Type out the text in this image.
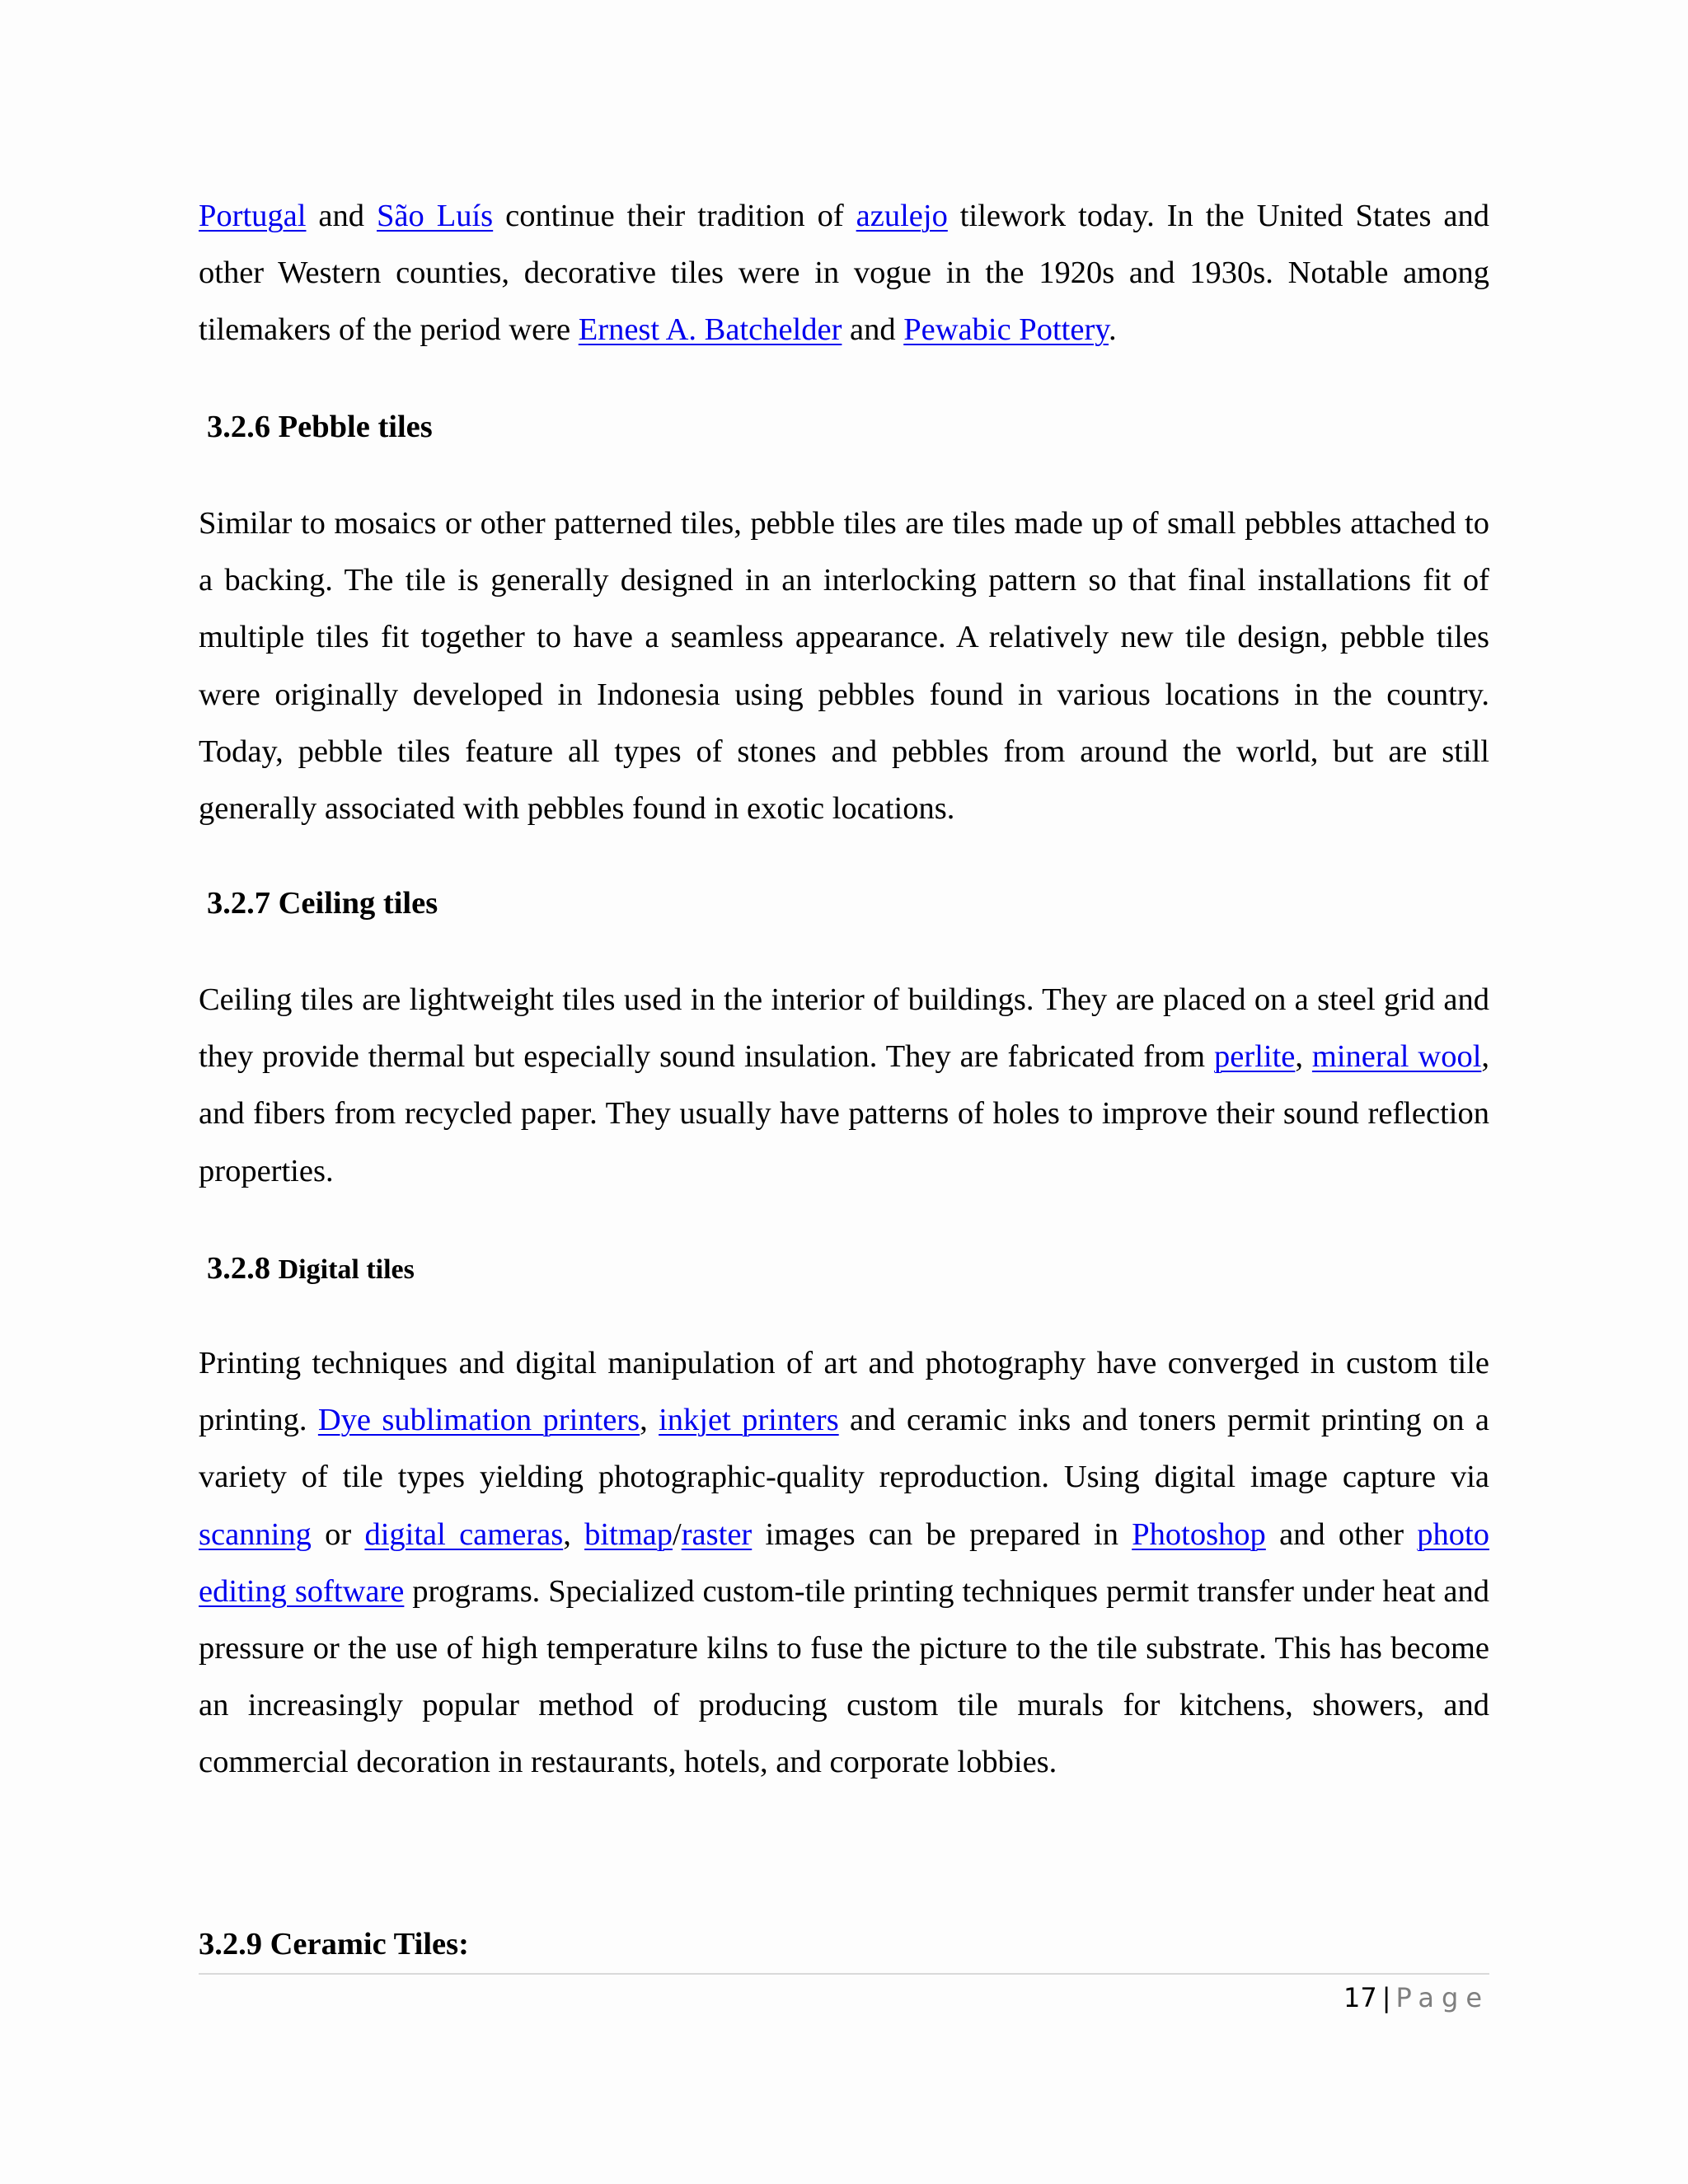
Portugal and São Luís continue their tradition of azulejo tilework today. In the United States and other Western counties, decorative tiles were in vogue in the 1920s and 1930s. Notable among tilemakers of the period were Ernest A. Batchelder and Pewabic Pottery.

3.2.6 Pebble tiles

Similar to mosaics or other patterned tiles, pebble tiles are tiles made up of small pebbles attached to a backing. The tile is generally designed in an interlocking pattern so that final installations fit of multiple tiles fit together to have a seamless appearance. A relatively new tile design, pebble tiles were originally developed in Indonesia using pebbles found in various locations in the country. Today, pebble tiles feature all types of stones and pebbles from around the world, but are still generally associated with pebbles found in exotic locations.

3.2.7 Ceiling tiles

Ceiling tiles are lightweight tiles used in the interior of buildings. They are placed on a steel grid and they provide thermal but especially sound insulation. They are fabricated from perlite, mineral wool, and fibers from recycled paper. They usually have patterns of holes to improve their sound reflection properties.

3.2.8 Digital tiles

Printing techniques and digital manipulation of art and photography have converged in custom tile printing. Dye sublimation printers, inkjet printers and ceramic inks and toners permit printing on a variety of tile types yielding photographic-quality reproduction. Using digital image capture via scanning or digital cameras, bitmap/raster images can be prepared in Photoshop and other photo editing software programs. Specialized custom-tile printing techniques permit transfer under heat and pressure or the use of high temperature kilns to fuse the picture to the tile substrate. This has become an increasingly popular method of producing custom tile murals for kitchens, showers, and commercial decoration in restaurants, hotels, and corporate lobbies.

3.2.9 Ceramic Tiles:
17 | Page
